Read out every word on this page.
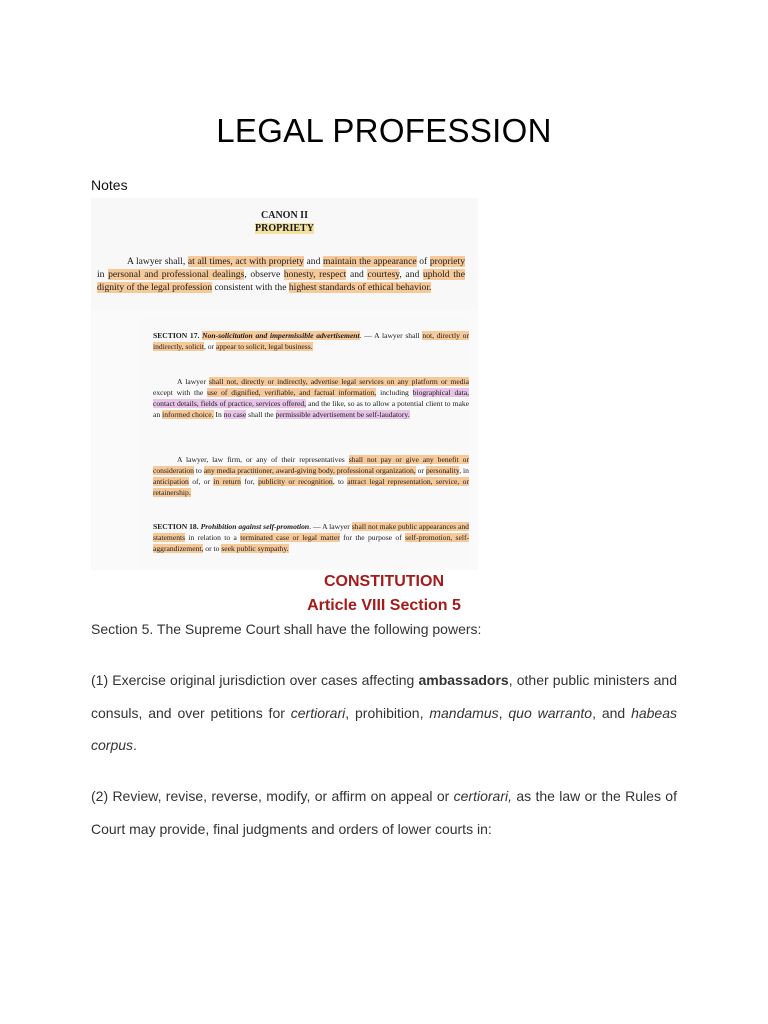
LEGAL PROFESSION
Notes
CANON II
PROPRIETY

A lawyer shall, at all times, act with propriety and maintain the appearance of propriety in personal and professional dealings, observe honesty, respect and courtesy, and uphold the dignity of the legal profession consistent with the highest standards of ethical behavior.

SECTION 17. Non-solicitation and impermissible advertisement. — A lawyer shall not, directly or indirectly, solicit, or appear to solicit, legal business.

A lawyer shall not, directly or indirectly, advertise legal services on any platform or media except with the use of dignified, verifiable, and factual information, including biographical data, contact details, fields of practice, services offered, and the like, so as to allow a potential client to make an informed choice. In no case shall the permissible advertisement be self-laudatory.

A lawyer, law firm, or any of their representatives shall not pay or give any benefit or consideration to any media practitioner, award-giving body, professional organization, or personality, in anticipation of, or in return for, publicity or recognition, to attract legal representation, service, or retainership.

SECTION 18. Prohibition against self-promotion. — A lawyer shall not make public appearances and statements in relation to a terminated case or legal matter for the purpose of self-promotion, self-aggrandizement, or to seek public sympathy.

CONSTITUTION
Article VIII Section 5
Section 5. The Supreme Court shall have the following powers:
(1) Exercise original jurisdiction over cases affecting ambassadors, other public ministers and consuls, and over petitions for certiorari, prohibition, mandamus, quo warranto, and habeas corpus.
(2) Review, revise, reverse, modify, or affirm on appeal or certiorari, as the law or the Rules of Court may provide, final judgments and orders of lower courts in:
